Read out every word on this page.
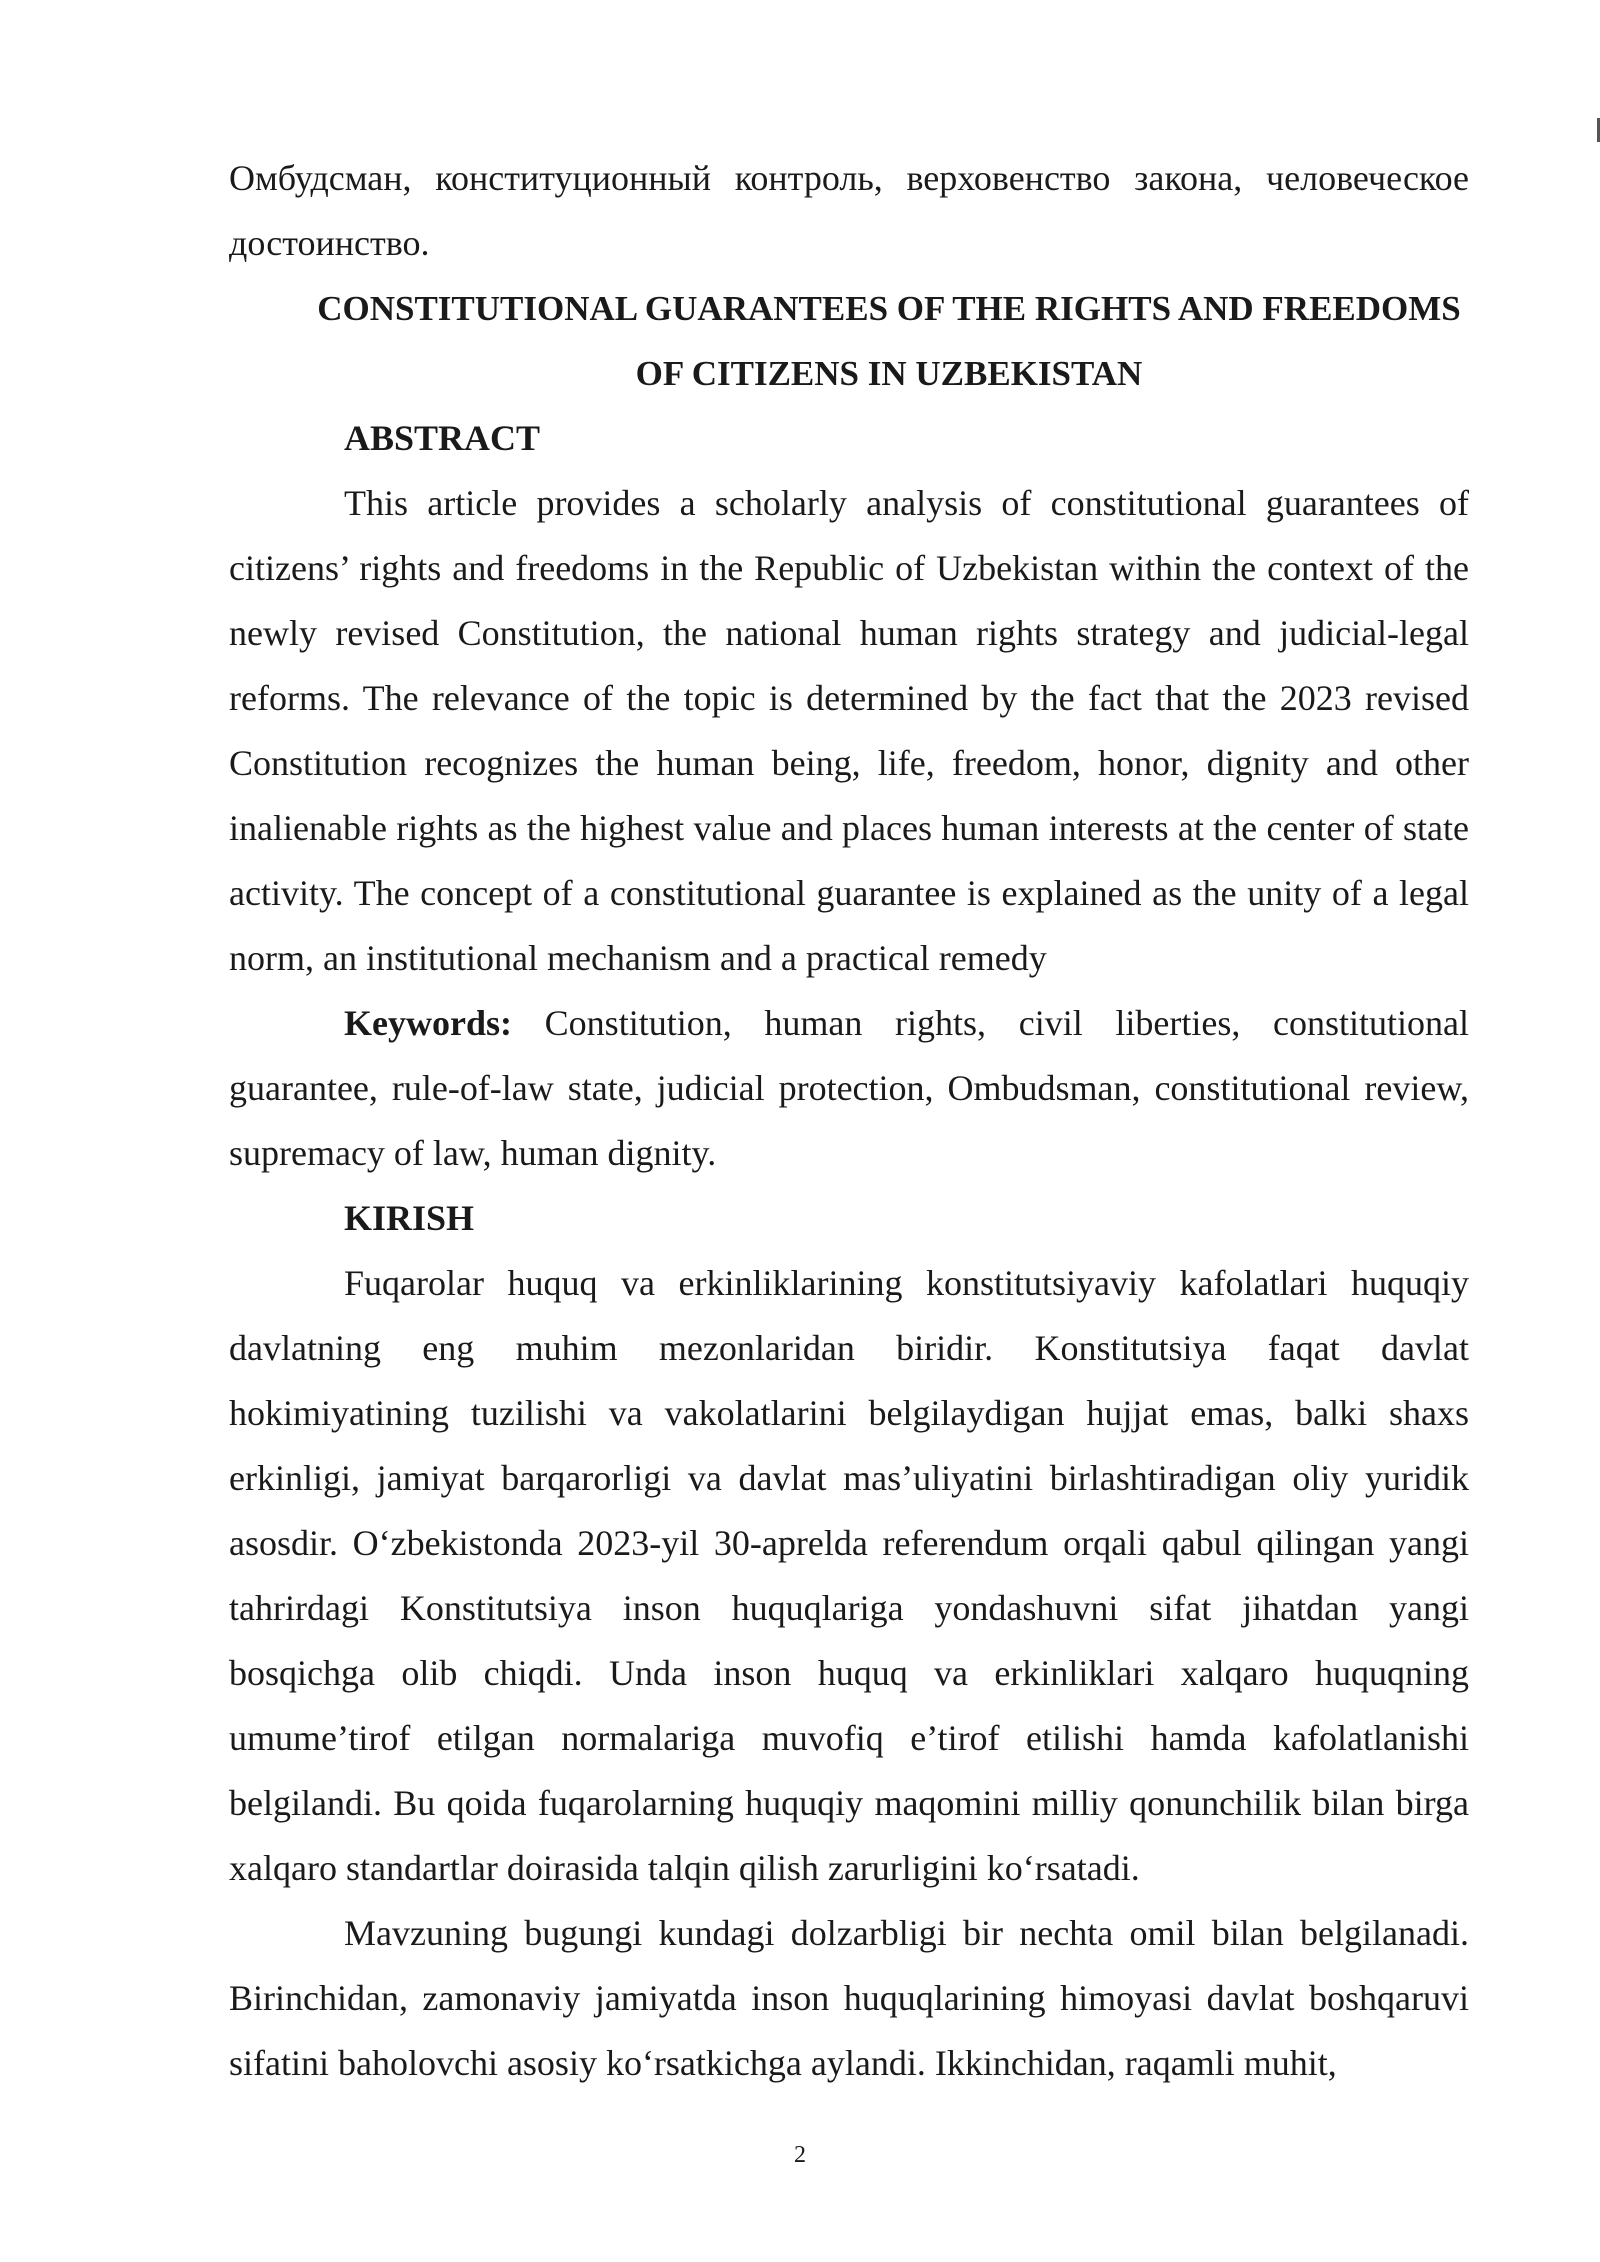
Омбудсман, конституционный контроль, верховенство закона, человеческое достоинство.

CONSTITUTIONAL GUARANTEES OF THE RIGHTS AND FREEDOMS OF CITIZENS IN UZBEKISTAN

ABSTRACT

This article provides a scholarly analysis of constitutional guarantees of citizens’ rights and freedoms in the Republic of Uzbekistan within the context of the newly revised Constitution, the national human rights strategy and judicial-legal reforms. The relevance of the topic is determined by the fact that the 2023 revised Constitution recognizes the human being, life, freedom, honor, dignity and other inalienable rights as the highest value and places human interests at the center of state activity. The concept of a constitutional guarantee is explained as the unity of a legal norm, an institutional mechanism and a practical remedy

Keywords: Constitution, human rights, civil liberties, constitutional guarantee, rule-of-law state, judicial protection, Ombudsman, constitutional review, supremacy of law, human dignity.

KIRISH

Fuqarolar huquq va erkinliklarining konstitutsiyaviy kafolatlari huquqiy davlatning eng muhim mezonlaridan biridir. Konstitutsiya faqat davlat hokimiyatining tuzilishi va vakolatlarini belgilaydigan hujjat emas, balki shaxs erkinligi, jamiyat barqarorligi va davlat mas’uliyatini birlashtiradigan oliy yuridik asosdir. O‘zbekistonda 2023-yil 30-aprelda referendum orqali qabul qilingan yangi tahrirdagi Konstitutsiya inson huquqlariga yondashuvni sifat jihatdan yangi bosqichga olib chiqdi. Unda inson huquq va erkinliklari xalqaro huquqning umume’tirof etilgan normalariga muvofiq e’tirof etilishi hamda kafolatlanishi belgilandi. Bu qoida fuqarolarning huquqiy maqomini milliy qonunchilik bilan birga xalqaro standartlar doirasida talqin qilish zarurligini ko‘rsatadi.

Mavzuning bugungi kundagi dolzarbligi bir nechta omil bilan belgilanadi. Birinchidan, zamonaviy jamiyatda inson huquqlarining himoyasi davlat boshqaruvi sifatini baholovchi asosiy ko‘rsatkichga aylandi. Ikkinchidan, raqamli muhit,

2
